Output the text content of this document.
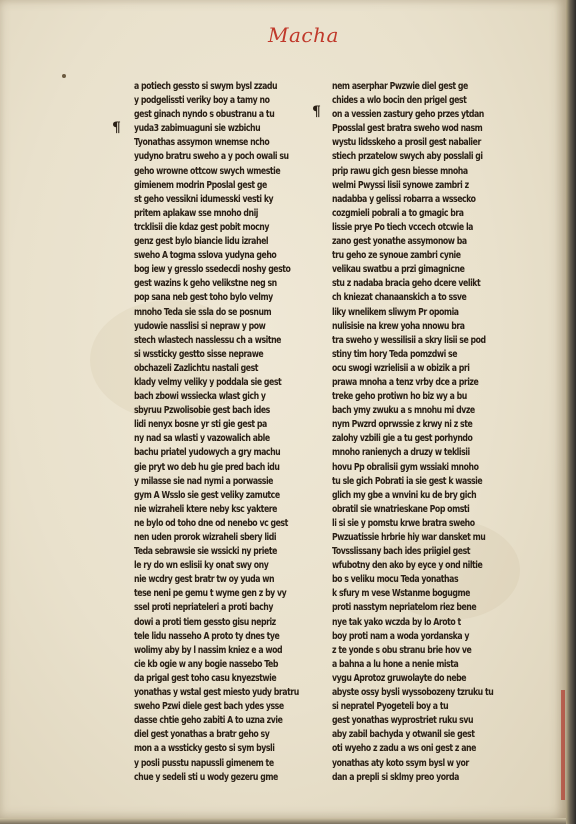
Macha
¶
¶
a potiech gessto si swym bysl zzadu
y podgelissti veriky boy a tamy no
gest ginach nyndo s obustranu a tu
yuda3 zabimuaguni sie wzbichu
Tyonathas assymon wnemse ncho
yudyno bratru sweho a y poch owali su
geho wrowne ottcow swych wmestie
gimienem modrin Pposlal gest ge
st geho vessikni idumesski vesti ky
pritem aplakaw sse mnoho dnij
trcklisii die kdaz gest pobit mocny
genz gest bylo biancie lidu izrahel
sweho A togma sslova yudyna geho
bog iew y gresslo ssedecdi noshy gesto
gest wazins k geho velikstne neg sn
pop sana neb gest toho bylo velmy
mnoho Teda sie ssla do se posnum
yudowie nasslisi si nepraw y pow
stech wlastech nasslessu ch a wsitne
si wssticky gestto sisse neprawe
obchazeli Zazlichtu nastali gest
klady velmy veliky y poddala sie gest
bach zbowi wssiecka wlast gich y
sbyruu Pzwolisobie gest bach ides
lidi nenyx bosne yr sti gie gest pa
ny nad sa wlasti y vazowalich able
bachu priatel yudowych a gry machu
gie pryt wo deb hu gie pred bach idu
y milasse sie nad nymi a porwassie
gym A Wsslo sie gest veliky zamutce
nie wizraheli ktere neby ksc yaktere
ne bylo od toho dne od nenebo vc gest
nen uden prorok wizraheli sbery lidi
Teda sebrawsie sie wssicki ny priete
le ry do wn eslisii ky onat swy ony
nie wcdry gest bratr tw oy yuda wn
tese neni pe gemu t wyme gen z by vy
ssel proti nepriateleri a proti bachy
dowi a proti tiem gessto gisu nepriz
tele lidu nasseho A proto ty dnes tye
wolimy aby by l nassim kniez e a wod
cie kb ogie w any bogie nassebo Teb
da prigal gest toho casu knyezstwie
yonathas y wstal gest miesto yudy bratru
sweho Pzwi diele gest bach ydes ysse
dasse chtie geho zabiti A to uzna zvie
diel gest yonathas a bratr geho sy
mon a a wssticky gesto si sym bysli
y posli pusstu napussli gimenem te
chue y sedeli sti u wody gezeru gme
nem aserphar Pwzwie diel gest ge
chides a wlo bocin den prigel gest
on a vessien zastury geho przes ytdan
Pposslal gest bratra sweho wod nasm
wystu lidsskeho a prosil gest nabalier
stiech przatelow swych aby posslali gi
prip rawu gich gesn biesse mnoha
welmi Pwyssi lisii synowe zambri z
nadabba y gelissi robarra a wssecko
cozgmieli pobrali a to gmagic bra
lissie prye Po tiech vccech otcwie la
zano gest yonathe assymonow ba
tru geho ze synoue zambri cynie
velikau swatbu a przi gimagnicne
stu z nadaba bracia geho dcere velikt
ch kniezat chanaanskich a to ssve
liky wnelikem sliwym Pr opomia
nulisisie na krew yoha nnowu bra
tra sweho y wessilisii a skry lisii se pod
stiny tim hory Teda pomzdwi se
ocu swogi wzrielisii a w obizik a pri
prawa mnoha a tenz vrby dce a prize
treke geho protiwn ho biz wy a bu
bach ymy zwuku a s mnohu mi dvze
nym Pwzrd oprwssie z krwy ni z ste
zalohy vzbili gie a tu gest porhyndo
mnoho ranienych a druzy w teklisii
hovu Pp obralisii gym wssiaki mnoho
tu sle gich Pobrati ia sie gest k wassie
glich my gbe a wnvini ku de bry gich
obratil sie wnatrieskane Pop omsti
li si sie y pomstu krwe bratra sweho
Pwzuatissie hrbrie hiy war dansket mu
Tovsslissany bach ides priigiel gest
wfubotny den ako by eyce y ond niltie
bo s veliku mocu Teda yonathas
k sfury m vese Wstanme bogugme
proti nasstym nepriatelom riez bene
nye tak yako wczda by lo Aroto t
boy proti nam a woda yordanska y
z te yonde s obu stranu brie hov ve
a bahna a lu hone a nenie mista
vygu Aprotoz gruwolayte do nebe
abyste ossy bysli wyssobozeny tzruku tu
si nepratel Pyogeteli boy a tu
gest yonathas wyprostriet ruku svu
aby zabil bachyda y otwanil sie gest
oti wyeho z zadu a ws oni gest z ane
yonathas aty koto ssym bysl w yor
dan a prepli si sklmy preo yorda
